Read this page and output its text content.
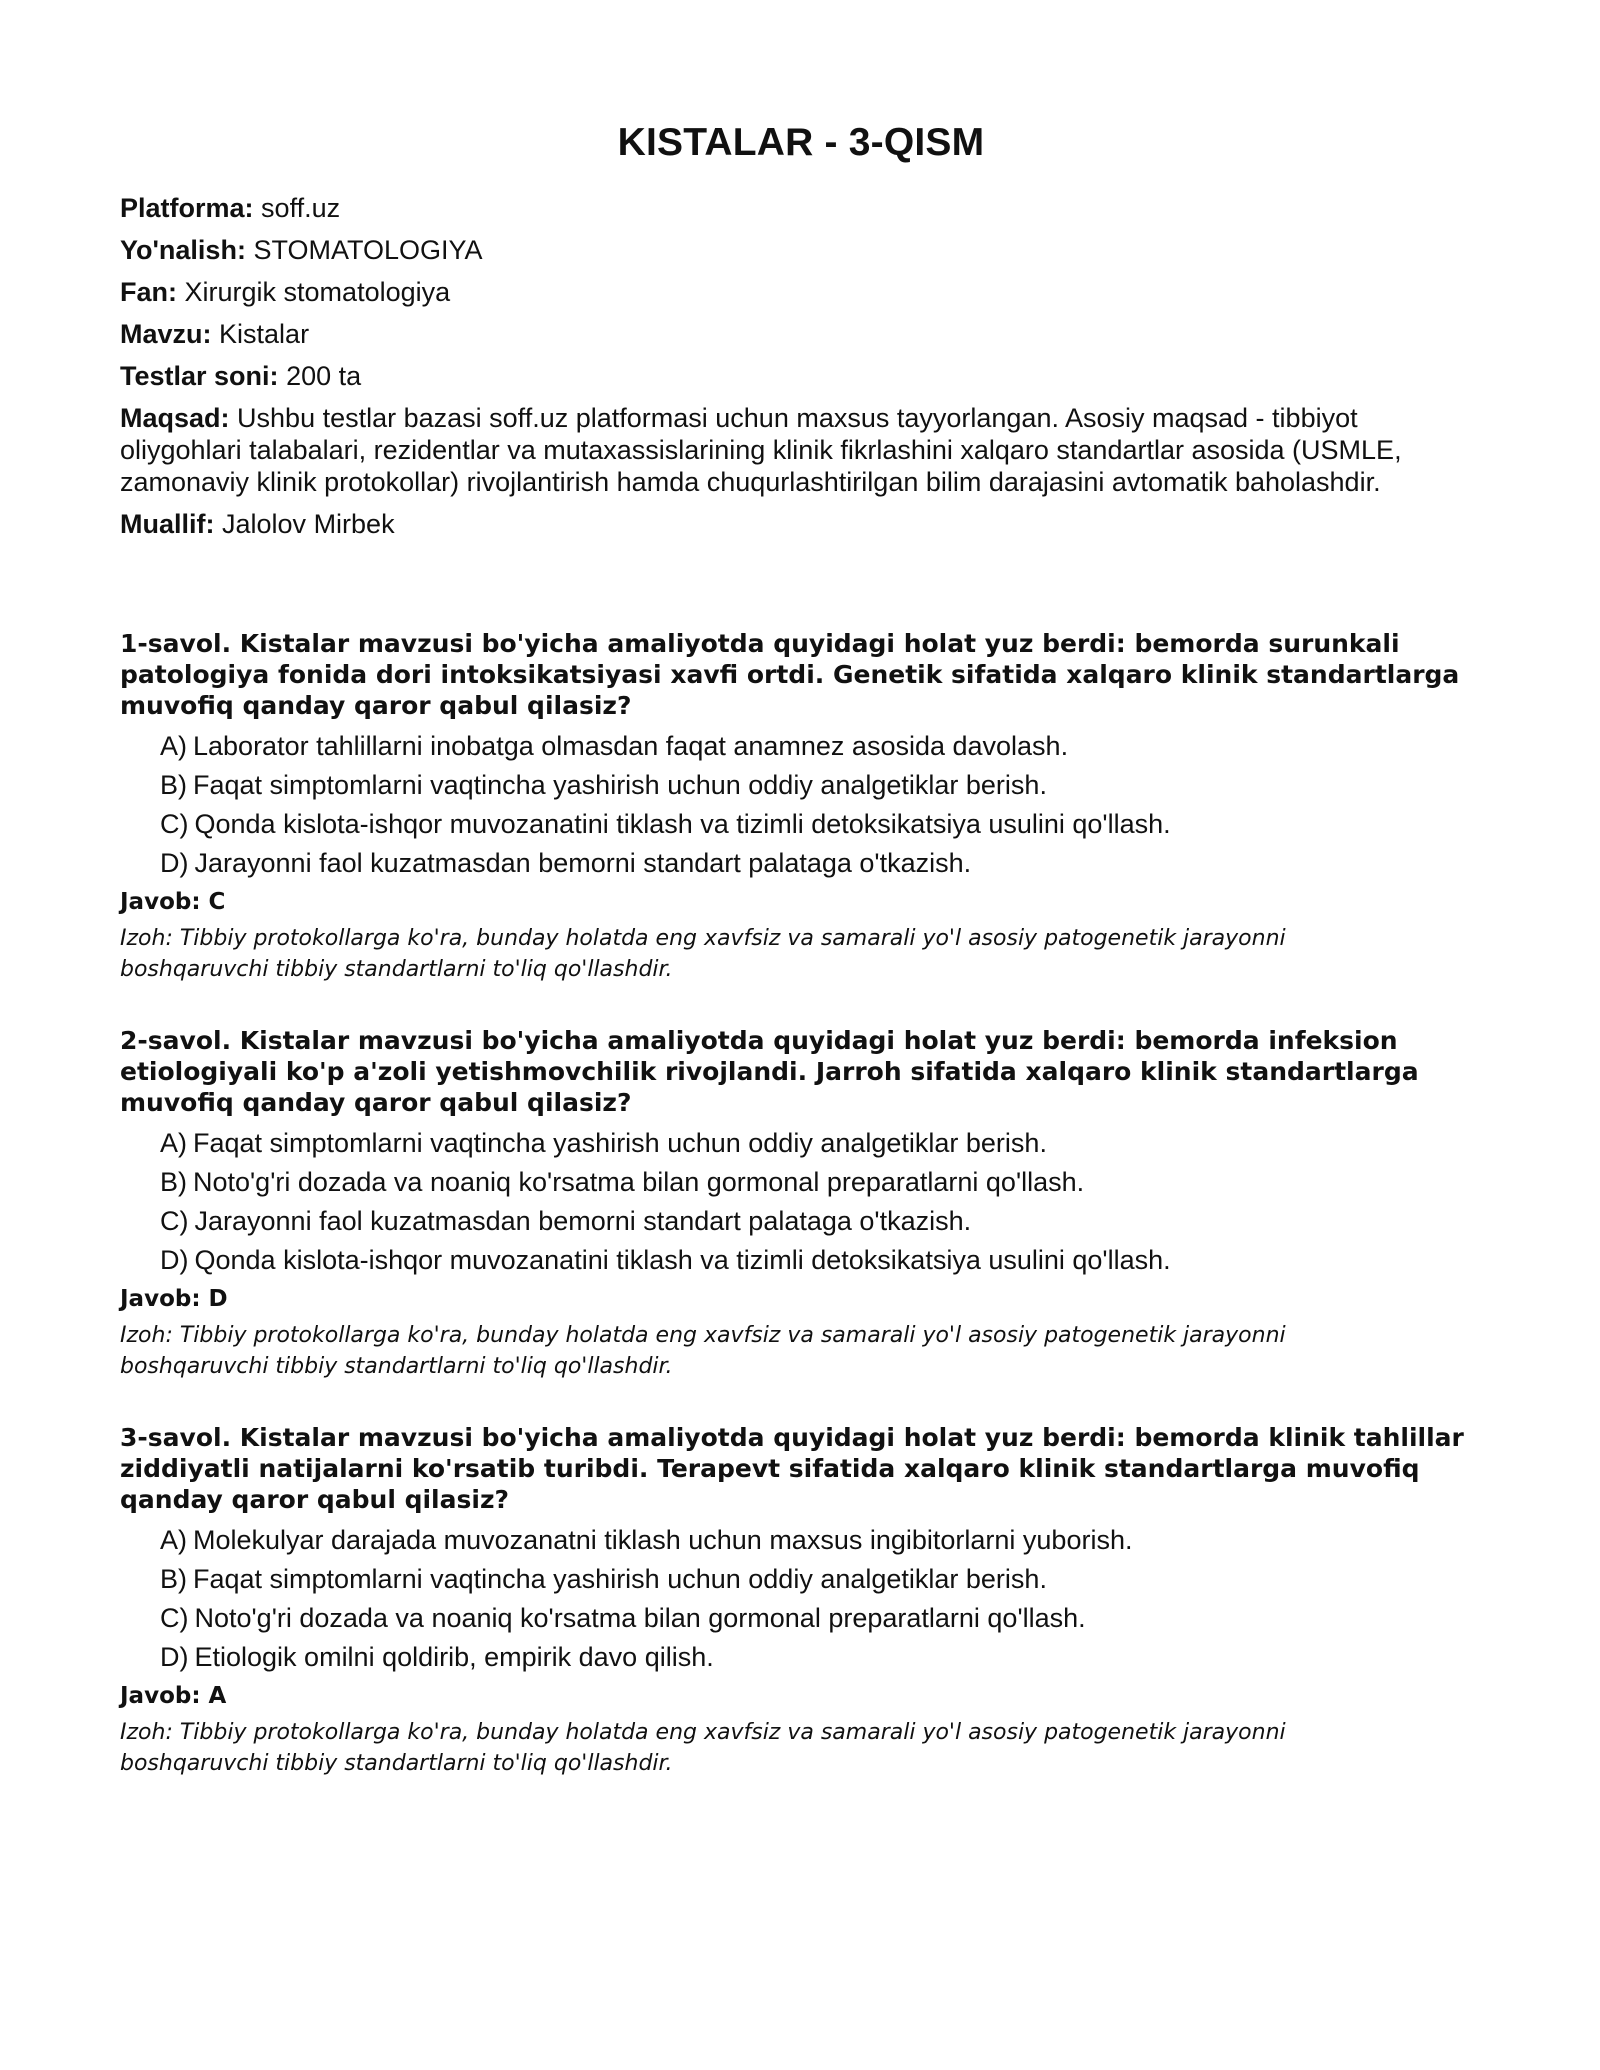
KISTALAR - 3-QISM

Platforma: soff.uz

Yo'nalish: STOMATOLOGIYA

Fan: Xirurgik stomatologiya

Mavzu: Kistalar

Testlar soni: 200 ta

Maqsad: Ushbu testlar bazasi soff.uz platformasi uchun maxsus tayyorlangan. Asosiy maqsad - tibbiyot oliygohlari talabalari, rezidentlar va mutaxassislarining klinik fikrlashini xalqaro standartlar asosida (USMLE, zamonaviy klinik protokollar) rivojlantirish hamda chuqurlashtirilgan bilim darajasini avtomatik baholashdir.

Muallif: Jalolov Mirbek

1-savol. Kistalar mavzusi bo'yicha amaliyotda quyidagi holat yuz berdi: bemorda surunkali patologiya fonida dori intoksikatsiyasi xavfi ortdi. Genetik sifatida xalqaro klinik standartlarga muvofiq qanday qaror qabul qilasiz?

A) Laborator tahlillarni inobatga olmasdan faqat anamnez asosida davolash.
B) Faqat simptomlarni vaqtincha yashirish uchun oddiy analgetiklar berish.
C) Qonda kislota-ishqor muvozanatini tiklash va tizimli detoksikatsiya usulini qo'llash.
D) Jarayonni faol kuzatmasdan bemorni standart palataga o'tkazish.

Javob: C

Izoh: Tibbiy protokollarga ko'ra, bunday holatda eng xavfsiz va samarali yo'l asosiy patogenetik jarayonni boshqaruvchi tibbiy standartlarni to'liq qo'llashdir.

2-savol. Kistalar mavzusi bo'yicha amaliyotda quyidagi holat yuz berdi: bemorda infeksion etiologiyali ko'p a'zoli yetishmovchilik rivojlandi. Jarroh sifatida xalqaro klinik standartlarga muvofiq qanday qaror qabul qilasiz?

A) Faqat simptomlarni vaqtincha yashirish uchun oddiy analgetiklar berish.
B) Noto'g'ri dozada va noaniq ko'rsatma bilan gormonal preparatlarni qo'llash.
C) Jarayonni faol kuzatmasdan bemorni standart palataga o'tkazish.
D) Qonda kislota-ishqor muvozanatini tiklash va tizimli detoksikatsiya usulini qo'llash.

Javob: D

Izoh: Tibbiy protokollarga ko'ra, bunday holatda eng xavfsiz va samarali yo'l asosiy patogenetik jarayonni boshqaruvchi tibbiy standartlarni to'liq qo'llashdir.

3-savol. Kistalar mavzusi bo'yicha amaliyotda quyidagi holat yuz berdi: bemorda klinik tahlillar ziddiyatli natijalarni ko'rsatib turibdi. Terapevt sifatida xalqaro klinik standartlarga muvofiq qanday qaror qabul qilasiz?

A) Molekulyar darajada muvozanatni tiklash uchun maxsus ingibitorlarni yuborish.
B) Faqat simptomlarni vaqtincha yashirish uchun oddiy analgetiklar berish.
C) Noto'g'ri dozada va noaniq ko'rsatma bilan gormonal preparatlarni qo'llash.
D) Etiologik omilni qoldirib, empirik davo qilish.

Javob: A

Izoh: Tibbiy protokollarga ko'ra, bunday holatda eng xavfsiz va samarali yo'l asosiy patogenetik jarayonni boshqaruvchi tibbiy standartlarni to'liq qo'llashdir.
